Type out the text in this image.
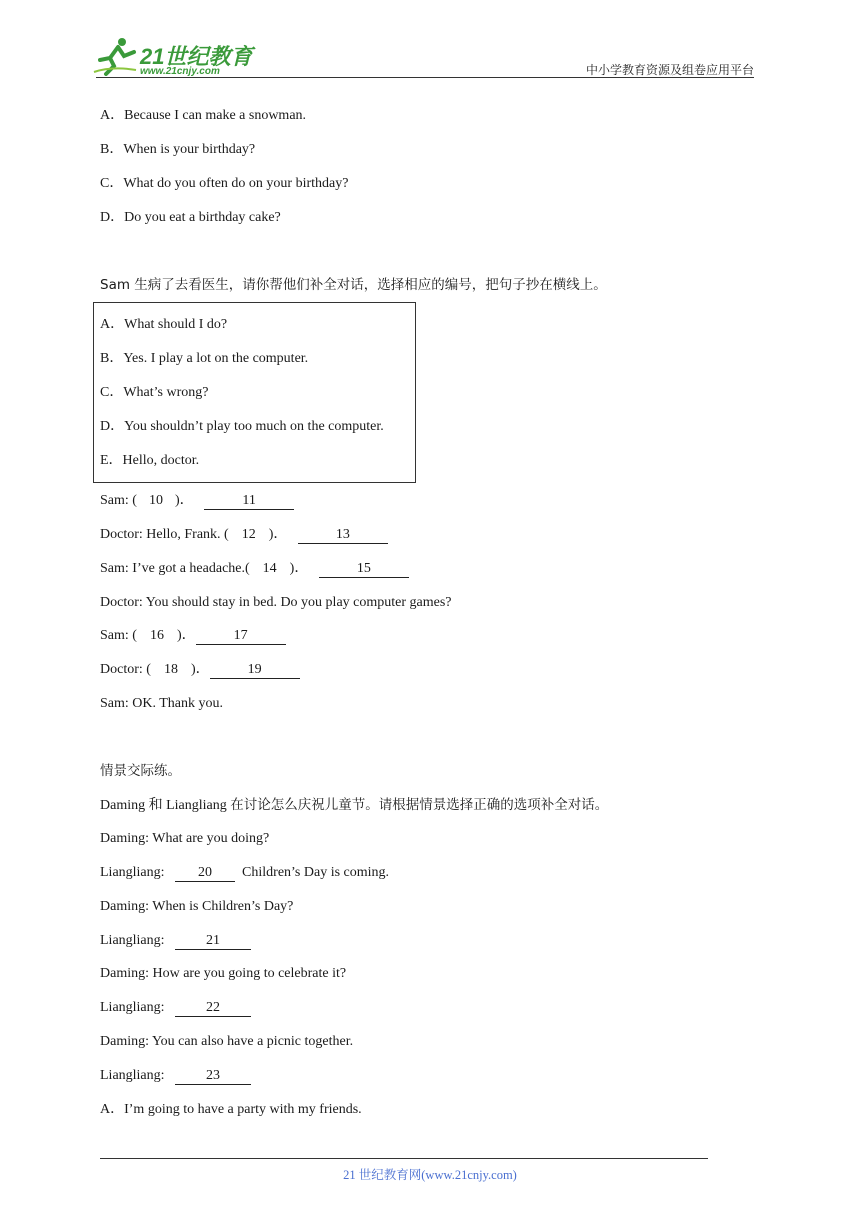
21世纪教育
www.21cnjy.com	中小学教育资源及组卷应用平台
A．Because I can make a snowman.
B．When is your birthday?
C．What do you often do on your birthday?
D．Do you eat a birthday cake?
Sam 生病了去看医生，请你帮他们补全对话，选择相应的编号，把句子抄在横线上。
A．What should I do?
B．Yes. I play a lot on the computer.
C．What’s wrong?
D．You shouldn’t play too much on the computer.
E．Hello, doctor.
Sam: ( 10 )．	11
Doctor: Hello, Frank. ( 12 )．	13
Sam: I’ve got a headache.( 14 )．	15
Doctor: You should stay in bed. Do you play computer games?
Sam: ( 16 )．	17
Doctor: ( 18 )．	19
Sam: OK. Thank you.
情景交际练。
Daming 和 Liangliang 在讨论怎么庆祝儿童节。请根据情景选择正确的选项补全对话。
Daming: What are you doing?
Liangliang:   20 Children’s Day is coming.
Daming: When is Children’s Day?
Liangliang:	21
Daming: How are you going to celebrate it?
Liangliang:	22
Daming: You can also have a picnic together.
Liangliang:	23
A．I’m going to have a party with my friends.
21 世纪教育网(www.21cnjy.com)
